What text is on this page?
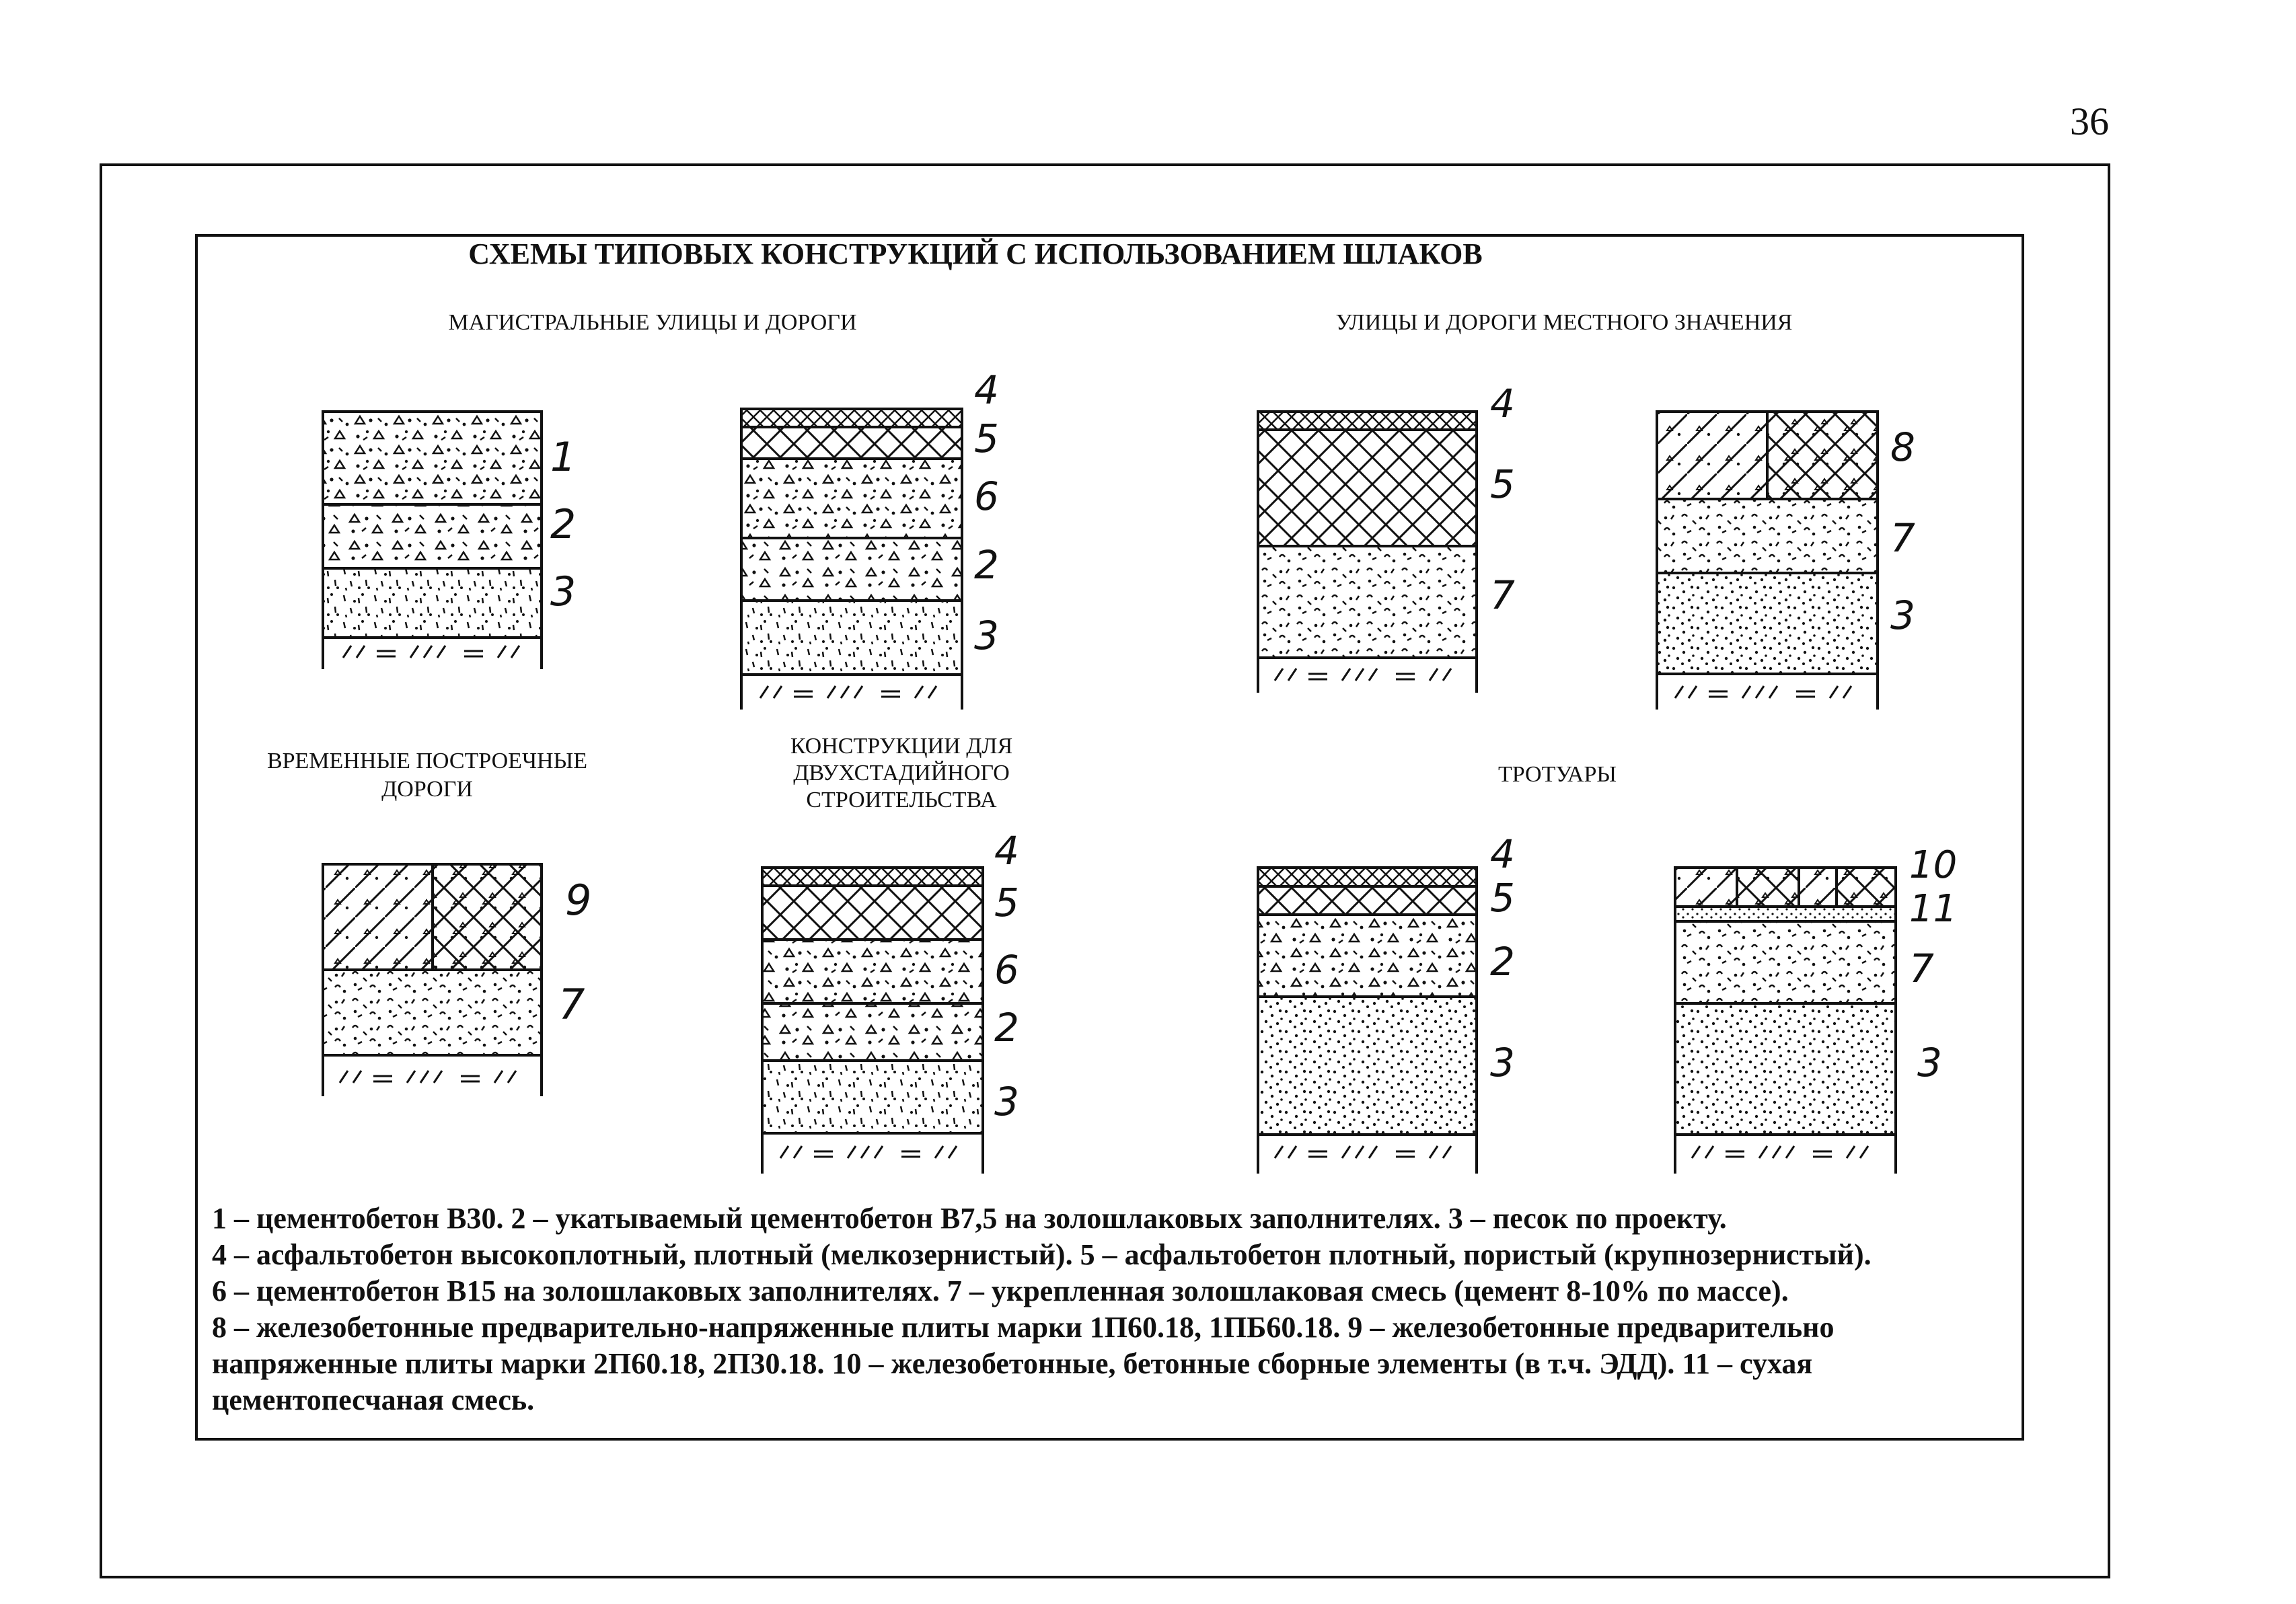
36
СХЕМЫ ТИПОВЫХ КОНСТРУКЦИЙ С ИСПОЛЬЗОВАНИЕМ ШЛАКОВ
МАГИСТРАЛЬНЫЕ УЛИЦЫ И ДОРОГИ	УЛИЦЫ И ДОРОГИ МЕСТНОГО ЗНАЧЕНИЯ
ВРЕМЕННЫЕ ПОСТРОЕЧНЫЕ
ДОРОГИ
КОНСТРУКЦИИ ДЛЯ
ДВУХСТАДИЙНОГО
СТРОИТЕЛЬСТВА
ТРОТУАРЫ
1
2
3
4
5
6
2
3
4
5
7
8
7
3
9
7
4
5
6
2
3
4
5
2
3
10
11
7
3
1 – цементобетон В30. 2 – укатываемый цементобетон В7,5 на золошлаковых заполнителях. 3 – песок по проекту.
4 – асфальтобетон высокоплотный, плотный (мелкозернистый). 5 – асфальтобетон плотный, пористый (крупнозернистый).
6 – цементобетон В15 на золошлаковых заполнителях. 7 – укрепленная золошлаковая смесь (цемент 8-10% по массе).
8 – железобетонные предварительно-напряженные плиты марки 1П60.18, 1ПБ60.18. 9 – железобетонные предварительно
напряженные плиты марки 2П60.18, 2П30.18. 10 – железобетонные, бетонные сборные элементы (в т.ч. ЭДД). 11 – сухая
цементопесчаная смесь.
